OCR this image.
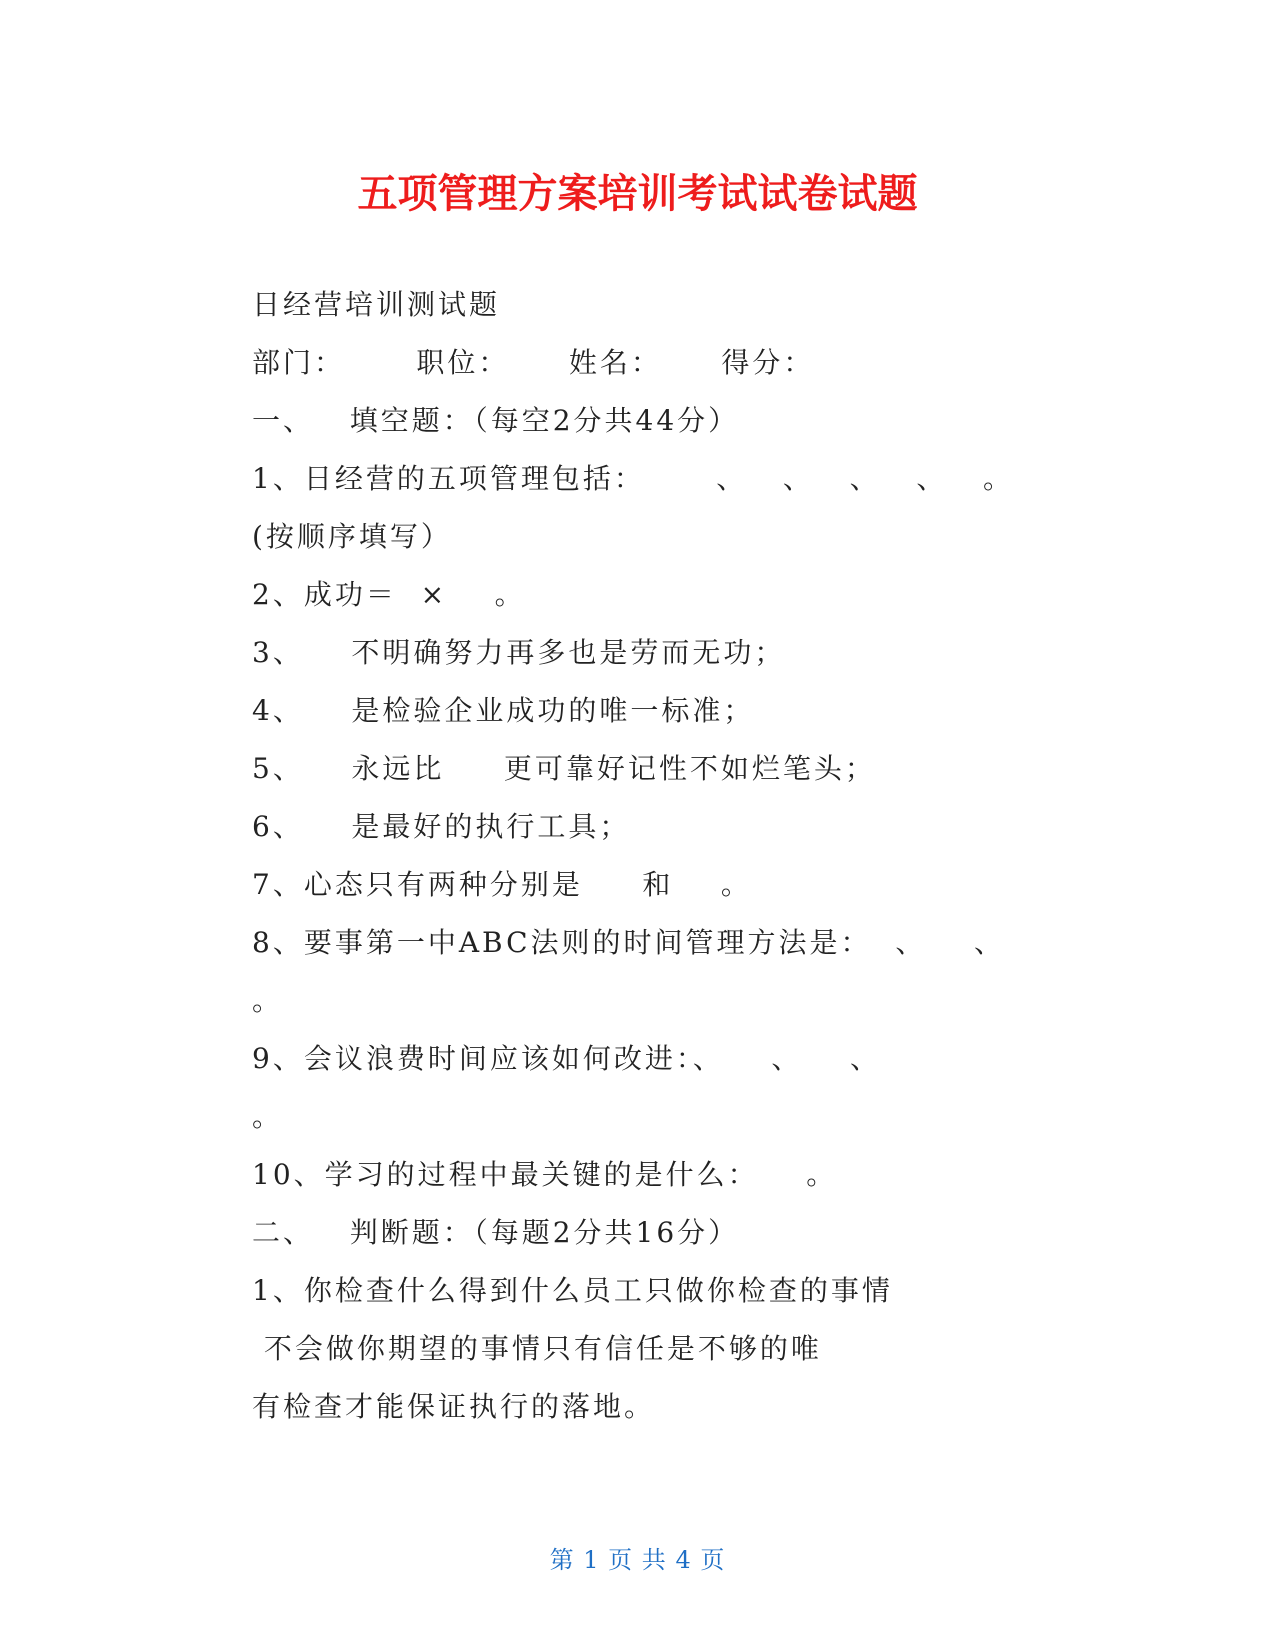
五项管理方案培训考试试卷试题
日经营培训测试题
部门：      职位：     姓名：     得分：
一、   填空题：（每空2分共44分）
1、日经营的五项管理包括：      、   、   、   、   。
(按顺序填写）
2、成功＝  ×    。
3、    不明确努力再多也是劳而无功；
4、    是检验企业成功的唯一标准；
5、    永远比     更可靠好记性不如烂笔头；
6、    是最好的执行工具；
7、心态只有两种分别是     和    。
8、要事第一中ABC法则的时间管理方法是：  、    、
。
9、会议浪费时间应该如何改进：、    、    、
。
10、学习的过程中最关键的是什么：    。
二、   判断题：（每题2分共16分）
1、你检查什么得到什么员工只做你检查的事情
不会做你期望的事情只有信任是不够的唯
有检查才能保证执行的落地。
第 1 页 共 4 页
